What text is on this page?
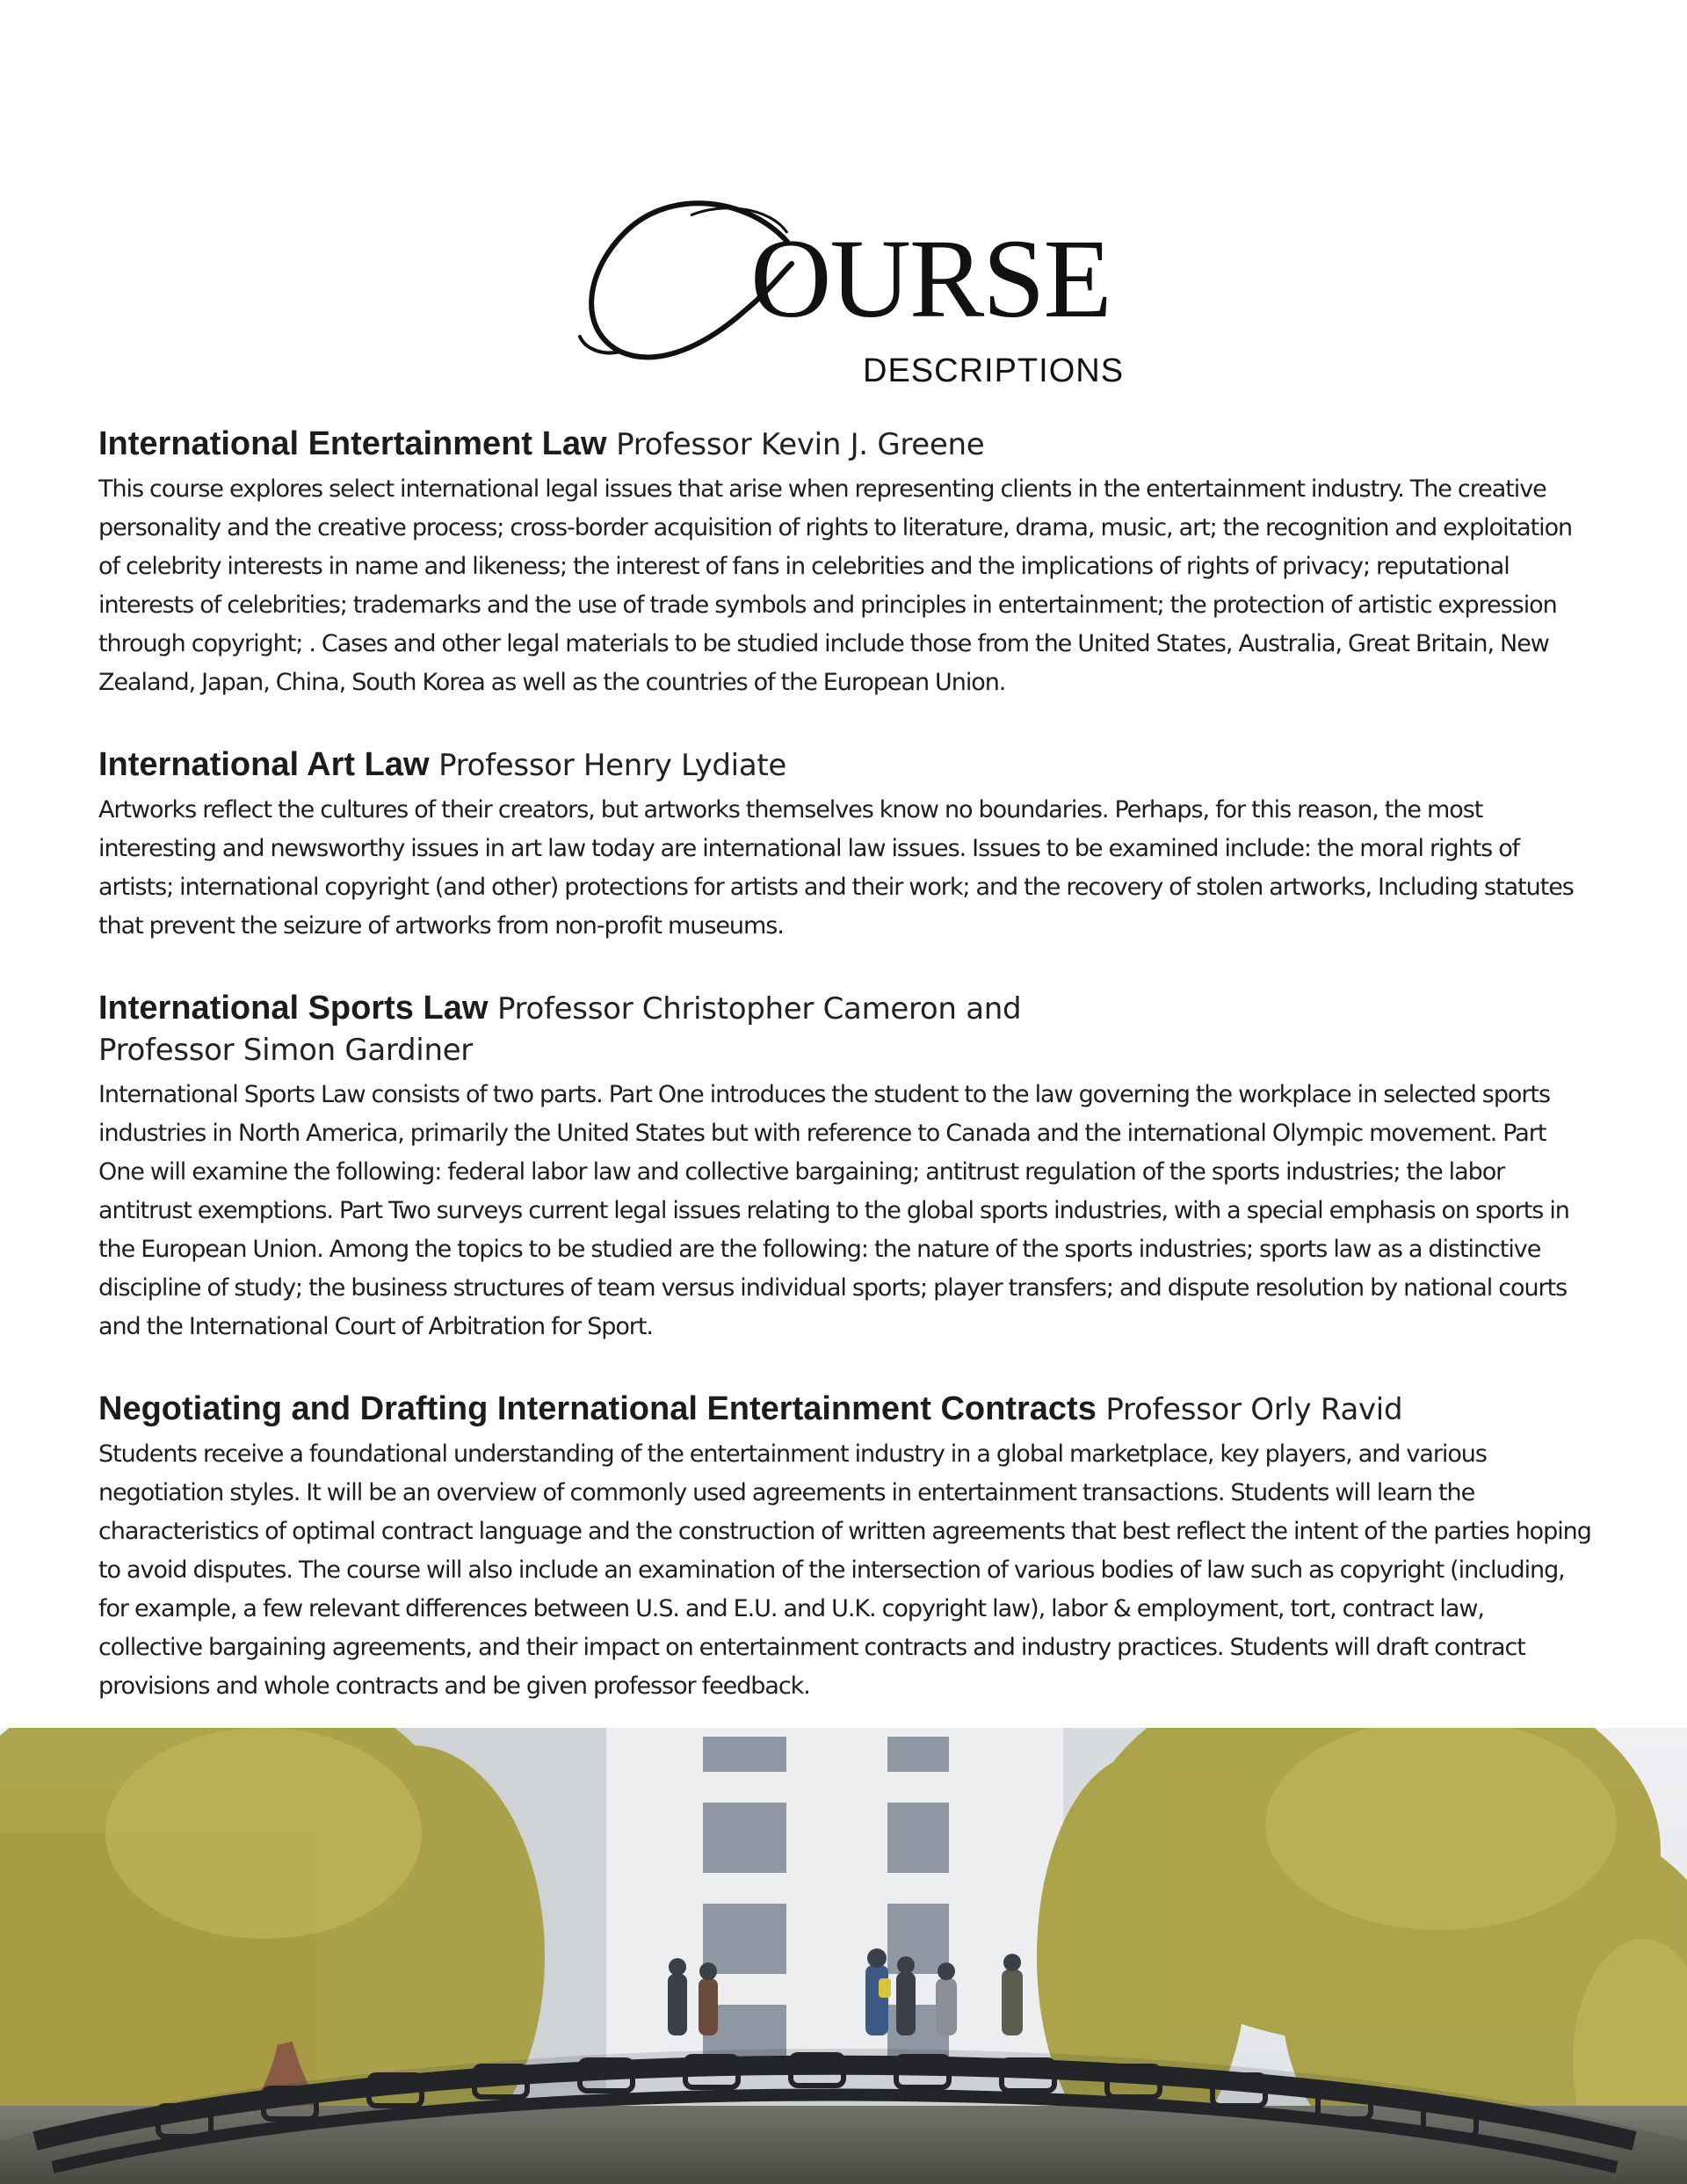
OURSE
DESCRIPTIONS
International Entertainment Law Professor Kevin J. Greene

This course explores select international legal issues that arise when representing clients in the entertainment industry. The creative personality and the creative process; cross-border acquisition of rights to literature, drama, music, art; the recognition and exploitation of celebrity interests in name and likeness; the interest of fans in celebrities and the implications of rights of privacy; reputational interests of celebrities; trademarks and the use of trade symbols and principles in entertainment; the protection of artistic expression through copyright; . Cases and other legal materials to be studied include those from the United States, Australia, Great Britain, New Zealand, Japan, China, South Korea as well as the countries of the European Union.

International Art Law Professor Henry Lydiate

Artworks reflect the cultures of their creators, but artworks themselves know no boundaries. Perhaps, for this reason, the most interesting and newsworthy issues in art law today are international law issues. Issues to be examined include: the moral rights of artists; international copyright (and other) protections for artists and their work; and the recovery of stolen artworks, Including statutes that prevent the seizure of artworks from non-profit museums.

International Sports Law Professor Christopher Cameron and
Professor Simon Gardiner

International Sports Law consists of two parts. Part One introduces the student to the law governing the workplace in selected sports industries in North America, primarily the United States but with reference to Canada and the international Olympic movement. Part One will examine the following: federal labor law and collective bargaining; antitrust regulation of the sports industries; the labor antitrust exemptions. Part Two surveys current legal issues relating to the global sports industries, with a special emphasis on sports in the European Union. Among the topics to be studied are the following: the nature of the sports industries; sports law as a distinctive discipline of study; the business structures of team versus individual sports; player transfers; and dispute resolution by national courts and the International Court of Arbitration for Sport.

Negotiating and Drafting International Entertainment Contracts Professor Orly Ravid

Students receive a foundational understanding of the entertainment industry in a global marketplace, key players, and various negotiation styles. It will be an overview of commonly used agreements in entertainment transactions. Students will learn the characteristics of optimal contract language and the construction of written agreements that best reflect the intent of the parties hoping to avoid disputes. The course will also include an examination of the intersection of various bodies of law such as copyright (including, for example, a few relevant differences between U.S. and E.U. and U.K. copyright law), labor & employment, tort, contract law, collective bargaining agreements, and their impact on entertainment contracts and industry practices. Students will draft contract provisions and whole contracts and be given professor feedback.
